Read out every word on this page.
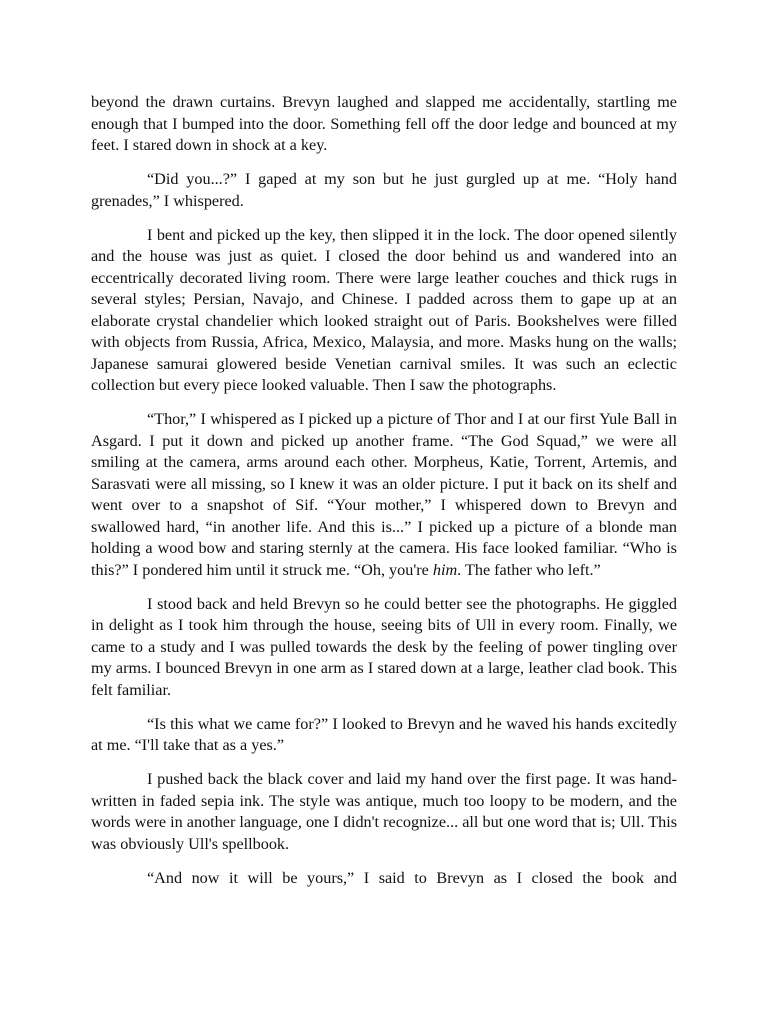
beyond the drawn curtains. Brevyn laughed and slapped me accidentally, startling me enough that I bumped into the door. Something fell off the door ledge and bounced at my feet. I stared down in shock at a key.

“Did you...?” I gaped at my son but he just gurgled up at me. “Holy hand grenades,” I whispered.

I bent and picked up the key, then slipped it in the lock. The door opened silently and the house was just as quiet. I closed the door behind us and wandered into an eccentrically decorated living room. There were large leather couches and thick rugs in several styles; Persian, Navajo, and Chinese. I padded across them to gape up at an elaborate crystal chandelier which looked straight out of Paris. Bookshelves were filled with objects from Russia, Africa, Mexico, Malaysia, and more. Masks hung on the walls; Japanese samurai glowered beside Venetian carnival smiles. It was such an eclectic collection but every piece looked valuable. Then I saw the photographs.

“Thor,” I whispered as I picked up a picture of Thor and I at our first Yule Ball in Asgard. I put it down and picked up another frame. “The God Squad,” we were all smiling at the camera, arms around each other. Morpheus, Katie, Torrent, Artemis, and Sarasvati were all missing, so I knew it was an older picture. I put it back on its shelf and went over to a snapshot of Sif. “Your mother,” I whispered down to Brevyn and swallowed hard, “in another life. And this is...” I picked up a picture of a blonde man holding a wood bow and staring sternly at the camera. His face looked familiar. “Who is this?” I pondered him until it struck me. “Oh, you're him. The father who left.”

I stood back and held Brevyn so he could better see the photographs. He giggled in delight as I took him through the house, seeing bits of Ull in every room. Finally, we came to a study and I was pulled towards the desk by the feeling of power tingling over my arms. I bounced Brevyn in one arm as I stared down at a large, leather clad book. This felt familiar.

“Is this what we came for?” I looked to Brevyn and he waved his hands excitedly at me. “I'll take that as a yes.”

I pushed back the black cover and laid my hand over the first page. It was hand-written in faded sepia ink. The style was antique, much too loopy to be modern, and the words were in another language, one I didn't recognize... all but one word that is; Ull. This was obviously Ull's spellbook.

“And now it will be yours,” I said to Brevyn as I closed the book and
